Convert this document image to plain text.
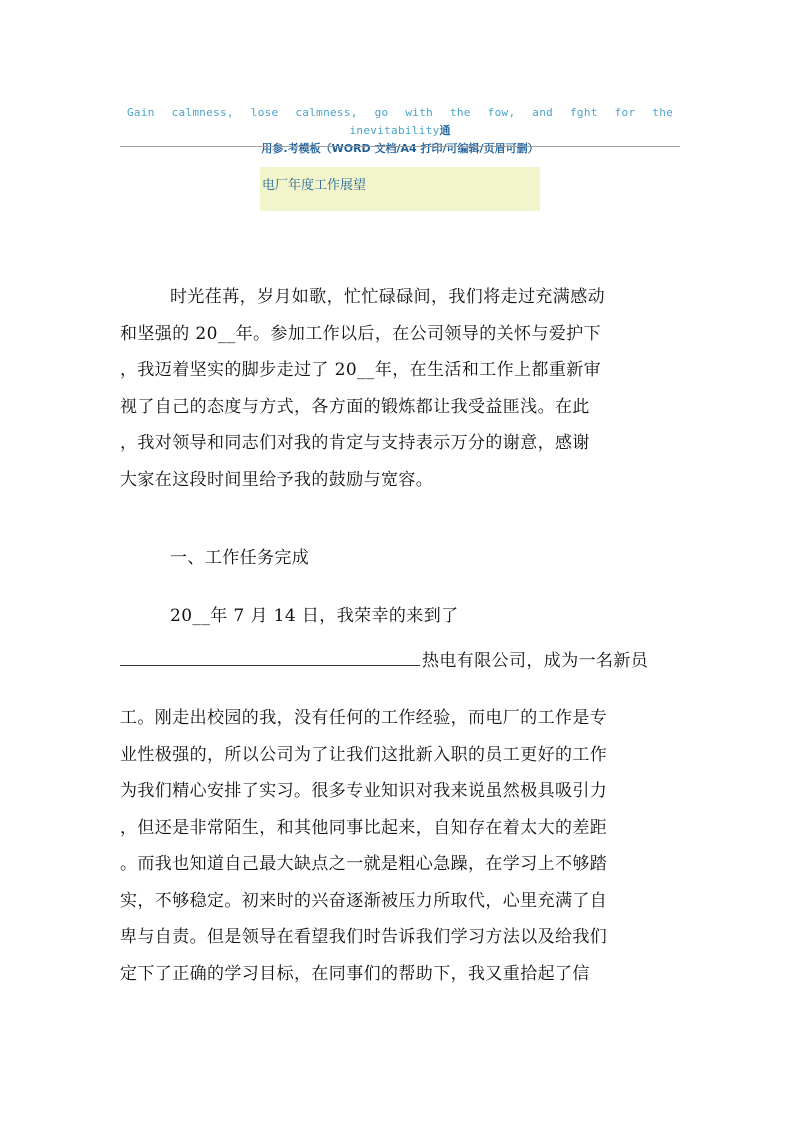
Gain calmness, lose calmness, go with the fow, and fght for the inevitability通
用参.考模板（WORD 文档/A4 打印/可编辑/页眉可删）
电厂年度工作展望
时光荏苒，岁月如歌，忙忙碌碌间，我们将走过充满感动
和坚强的 20__年。参加工作以后，在公司领导的关怀与爱护下
，我迈着坚实的脚步走过了 20__年，在生活和工作上都重新审
视了自己的态度与方式，各方面的锻炼都让我受益匪浅。在此
，我对领导和同志们对我的肯定与支持表示万分的谢意，感谢
大家在这段时间里给予我的鼓励与宽容。
一、工作任务完成
20__年 7 月 14 日，我荣幸的来到了
热电有限公司，成为一名新员
工。刚走出校园的我，没有任何的工作经验，而电厂的工作是专
业性极强的，所以公司为了让我们这批新入职的员工更好的工作
为我们精心安排了实习。很多专业知识对我来说虽然极具吸引力
，但还是非常陌生，和其他同事比起来，自知存在着太大的差距
。而我也知道自己最大缺点之一就是粗心急躁，在学习上不够踏
实，不够稳定。初来时的兴奋逐渐被压力所取代，心里充满了自
卑与自责。但是领导在看望我们时告诉我们学习方法以及给我们
定下了正确的学习目标，在同事们的帮助下，我又重拾起了信
